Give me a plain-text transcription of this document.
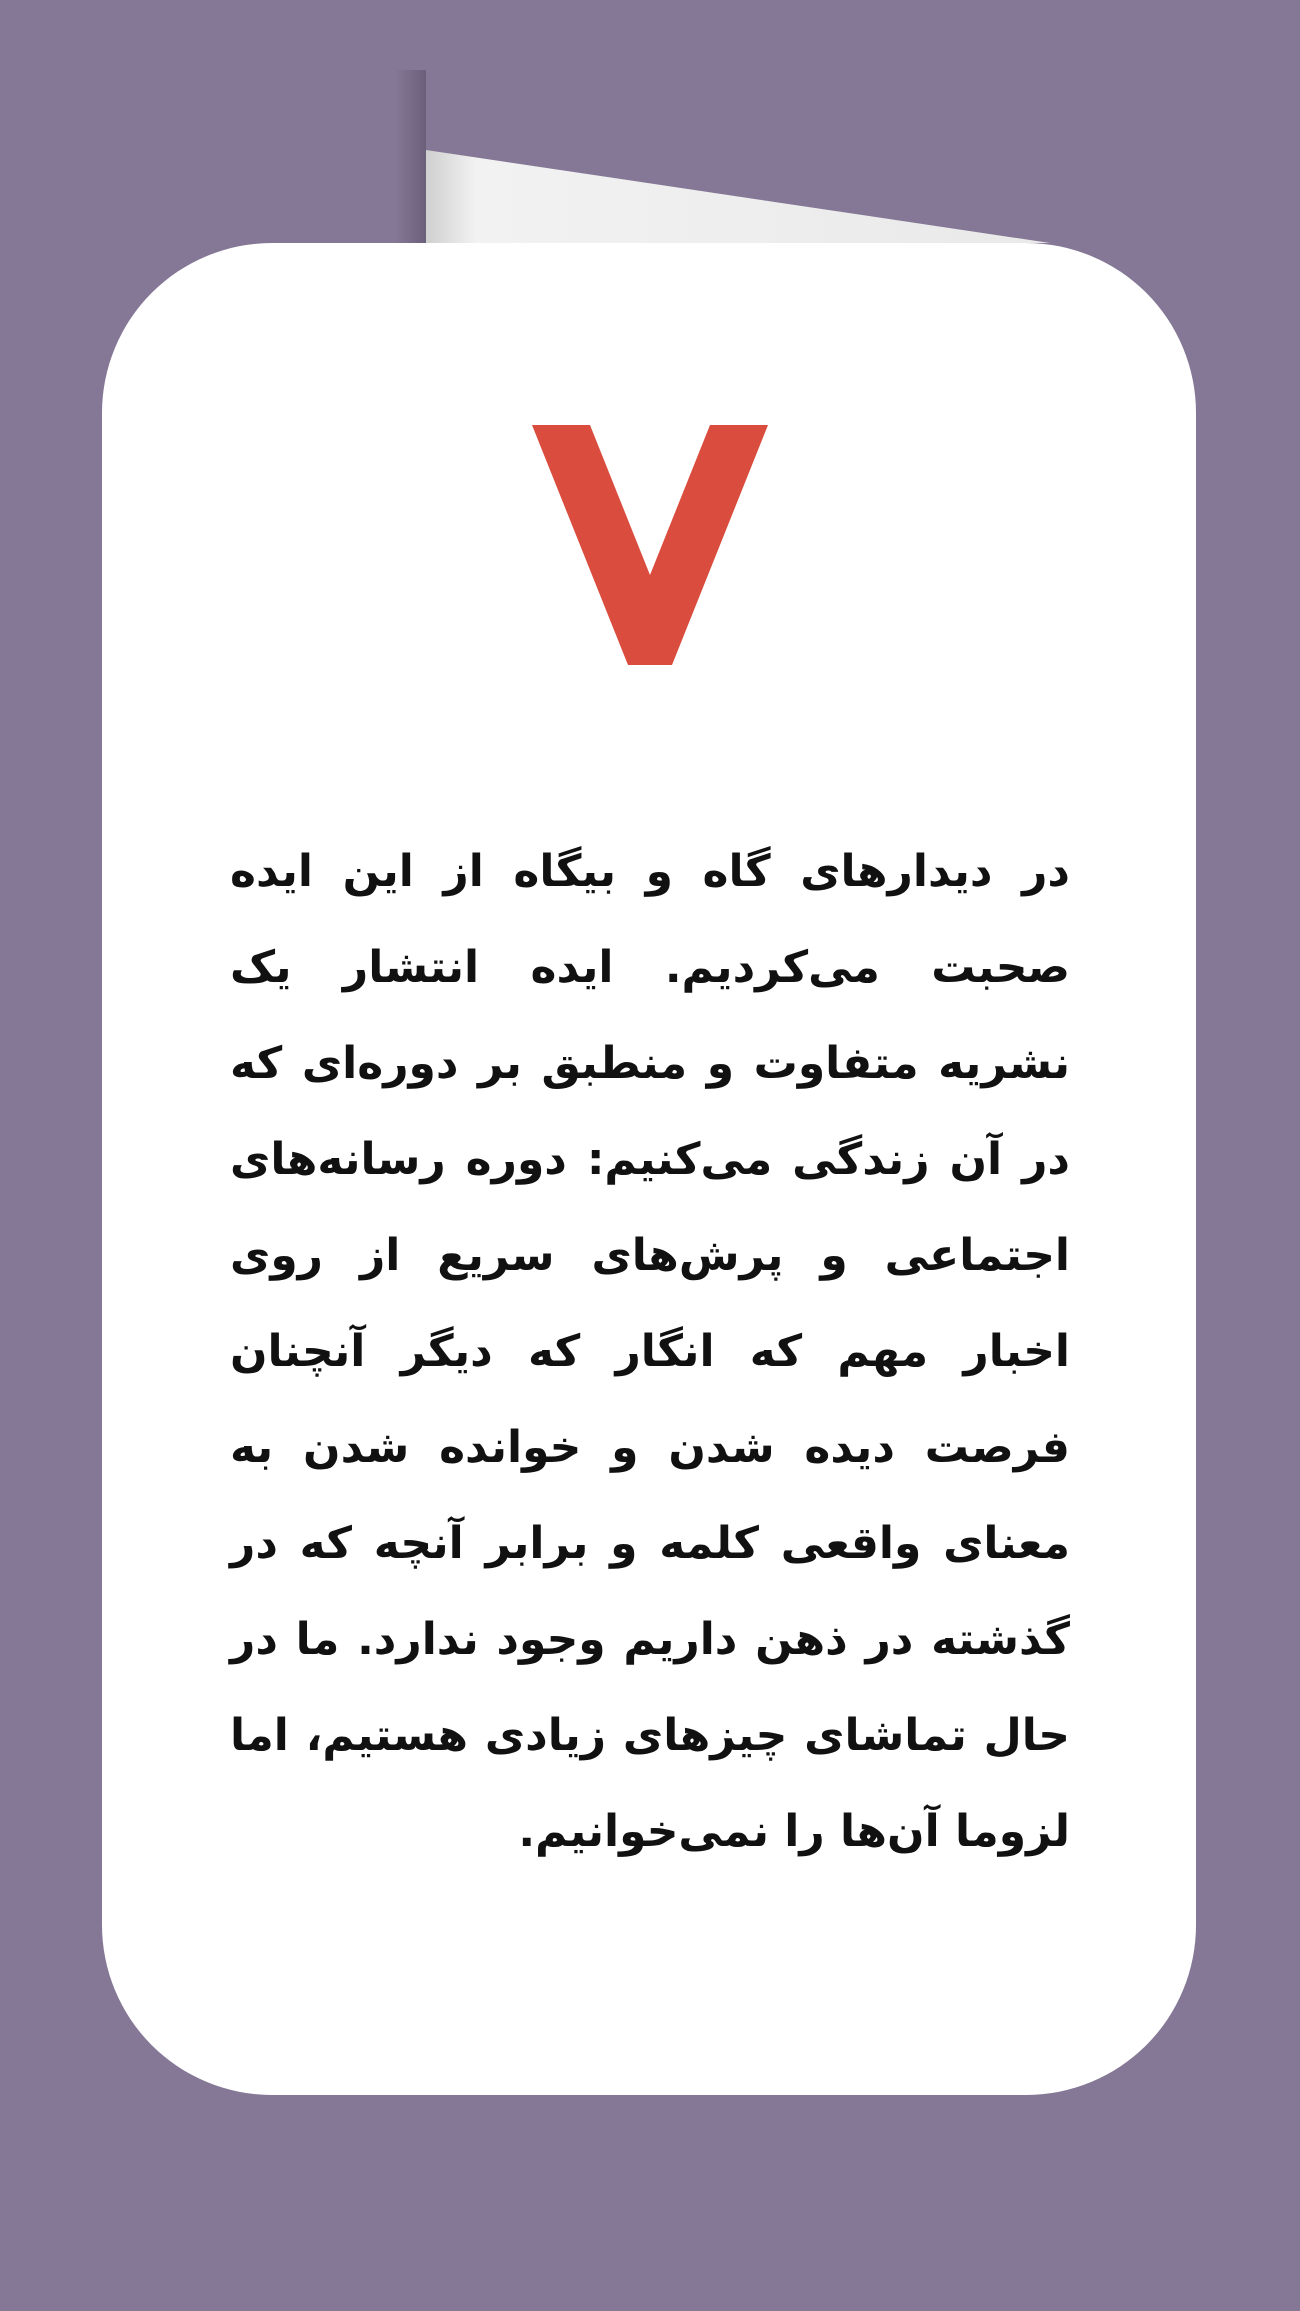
۷

در دیدارهای گاه و بیگاه از این ایده صحبت می‌کردیم. ایده انتشار یک نشریه متفاوت و منطبق بر دوره‌ای که در آن زندگی می‌کنیم: دوره رسانه‌های اجتماعی و پرش‌های سریع از روی اخبار مهم که انگار که دیگر آنچنان فرصت دیده شدن و خوانده شدن به معنای واقعی کلمه و برابر آنچه که در گذشته در ذهن داریم وجود ندارد. ما در حال تماشای چیزهای زیادی هستیم، اما لزوما آن‌ها را نمی‌خوانیم.
